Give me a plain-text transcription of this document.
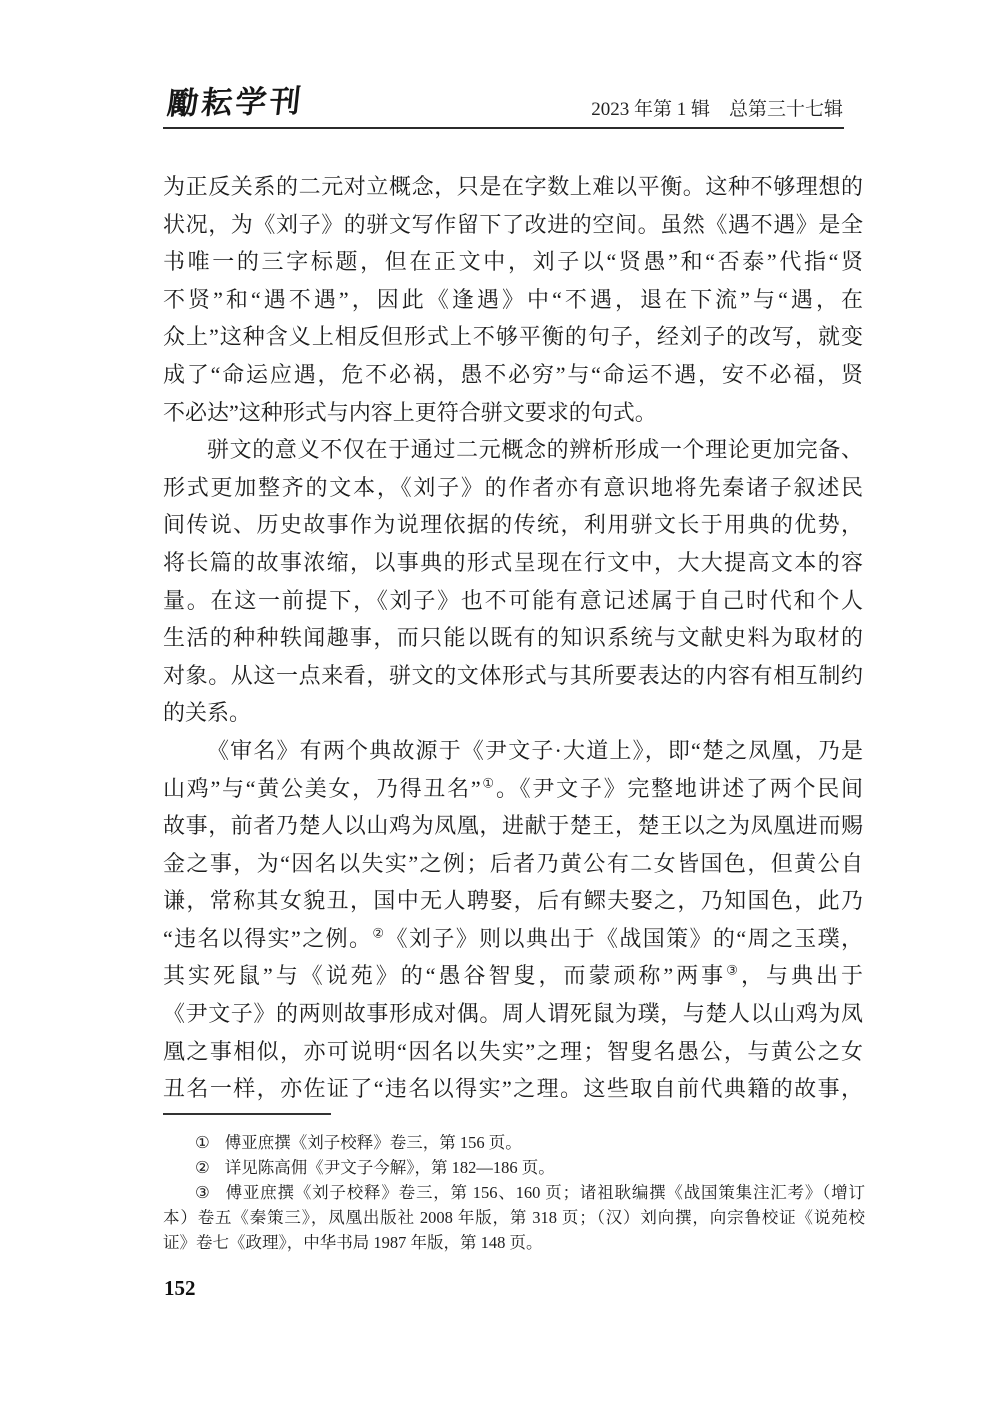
勵耘学刊	2023 年第 1 辑 总第三十七辑
为正反关系的二元对立概念，只是在字数上难以平衡。这种不够理想的
状况，为《刘子》的骈文写作留下了改进的空间。虽然《遇不遇》是全
书唯一的三字标题，但在正文中，刘子以“贤愚”和“否泰”代指“贤
不贤”和“遇不遇”，因此《逢遇》中“不遇，退在下流”与“遇，在
众上”这种含义上相反但形式上不够平衡的句子，经刘子的改写，就变
成了“命运应遇，危不必祸，愚不必穷”与“命运不遇，安不必福，贤
不必达”这种形式与内容上更符合骈文要求的句式。
骈文的意义不仅在于通过二元概念的辨析形成一个理论更加完备、
形式更加整齐的文本，《刘子》的作者亦有意识地将先秦诸子叙述民
间传说、历史故事作为说理依据的传统，利用骈文长于用典的优势，
将长篇的故事浓缩，以事典的形式呈现在行文中，大大提高文本的容
量。在这一前提下，《刘子》也不可能有意记述属于自己时代和个人
生活的种种轶闻趣事，而只能以既有的知识系统与文献史料为取材的
对象。从这一点来看，骈文的文体形式与其所要表达的内容有相互制约
的关系。
《审名》有两个典故源于《尹文子·大道上》，即“楚之凤凰，乃是
山鸡”与“黄公美女，乃得丑名”①。《尹文子》完整地讲述了两个民间
故事，前者乃楚人以山鸡为凤凰，进献于楚王，楚王以之为凤凰进而赐
金之事，为“因名以失实”之例；后者乃黄公有二女皆国色，但黄公自
谦，常称其女貌丑，国中无人聘娶，后有鳏夫娶之，乃知国色，此乃
“违名以得实”之例。②《刘子》则以典出于《战国策》的“周之玉璞，
其实死鼠”与《说苑》的“愚谷智叟，而蒙顽称”两事③，与典出于
《尹文子》的两则故事形成对偶。周人谓死鼠为璞，与楚人以山鸡为凤
凰之事相似，亦可说明“因名以失实”之理；智叟名愚公，与黄公之女
丑名一样，亦佐证了“违名以得实”之理。这些取自前代典籍的故事，
① 傅亚庶撰《刘子校释》卷三，第 156 页。
② 详见陈高佣《尹文子今解》，第 182—186 页。
③ 傅亚庶撰《刘子校释》卷三，第 156、160 页；诸祖耿编撰《战国策集注汇考》（增订
本）卷五《秦策三》，凤凰出版社 2008 年版，第 318 页；（汉）刘向撰，向宗鲁校证《说苑校
证》卷七《政理》，中华书局 1987 年版，第 148 页。
152
